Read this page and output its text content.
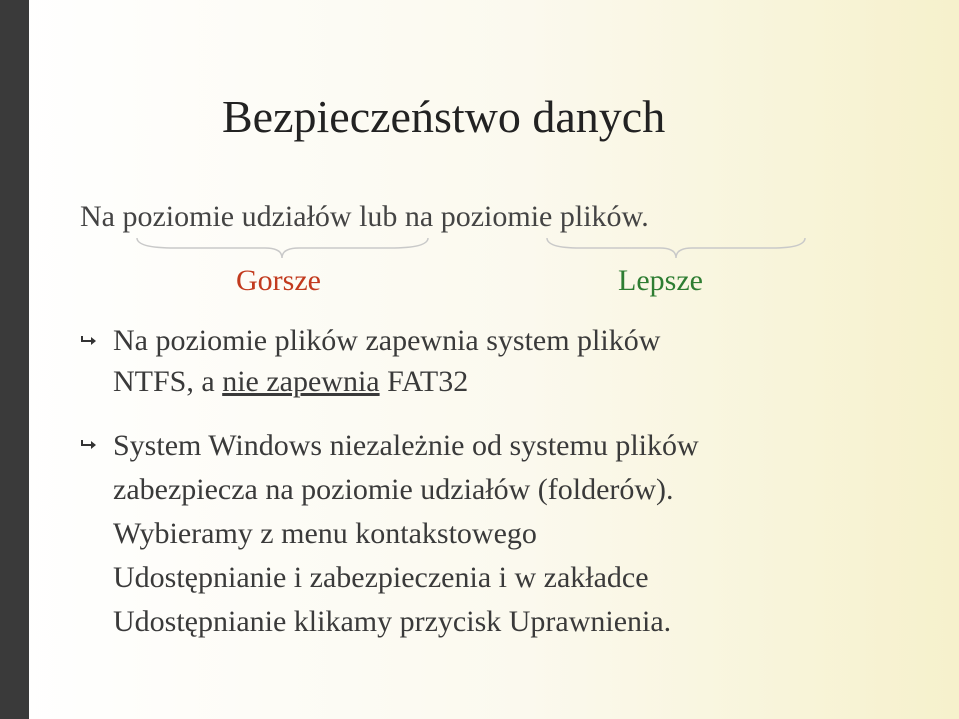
Bezpieczeństwo danych
Na poziomie udziałów lub na poziomie plików.
Gorsze	Lepsze
Na poziomie plików zapewnia system plików
NTFS, a nie zapewnia FAT32
System Windows niezależnie od systemu plików
zabezpiecza na poziomie udziałów (folderów).
Wybieramy z menu kontakstowego
Udostępnianie i zabezpieczenia i w zakładce
Udostępnianie klikamy przycisk Uprawnienia.
